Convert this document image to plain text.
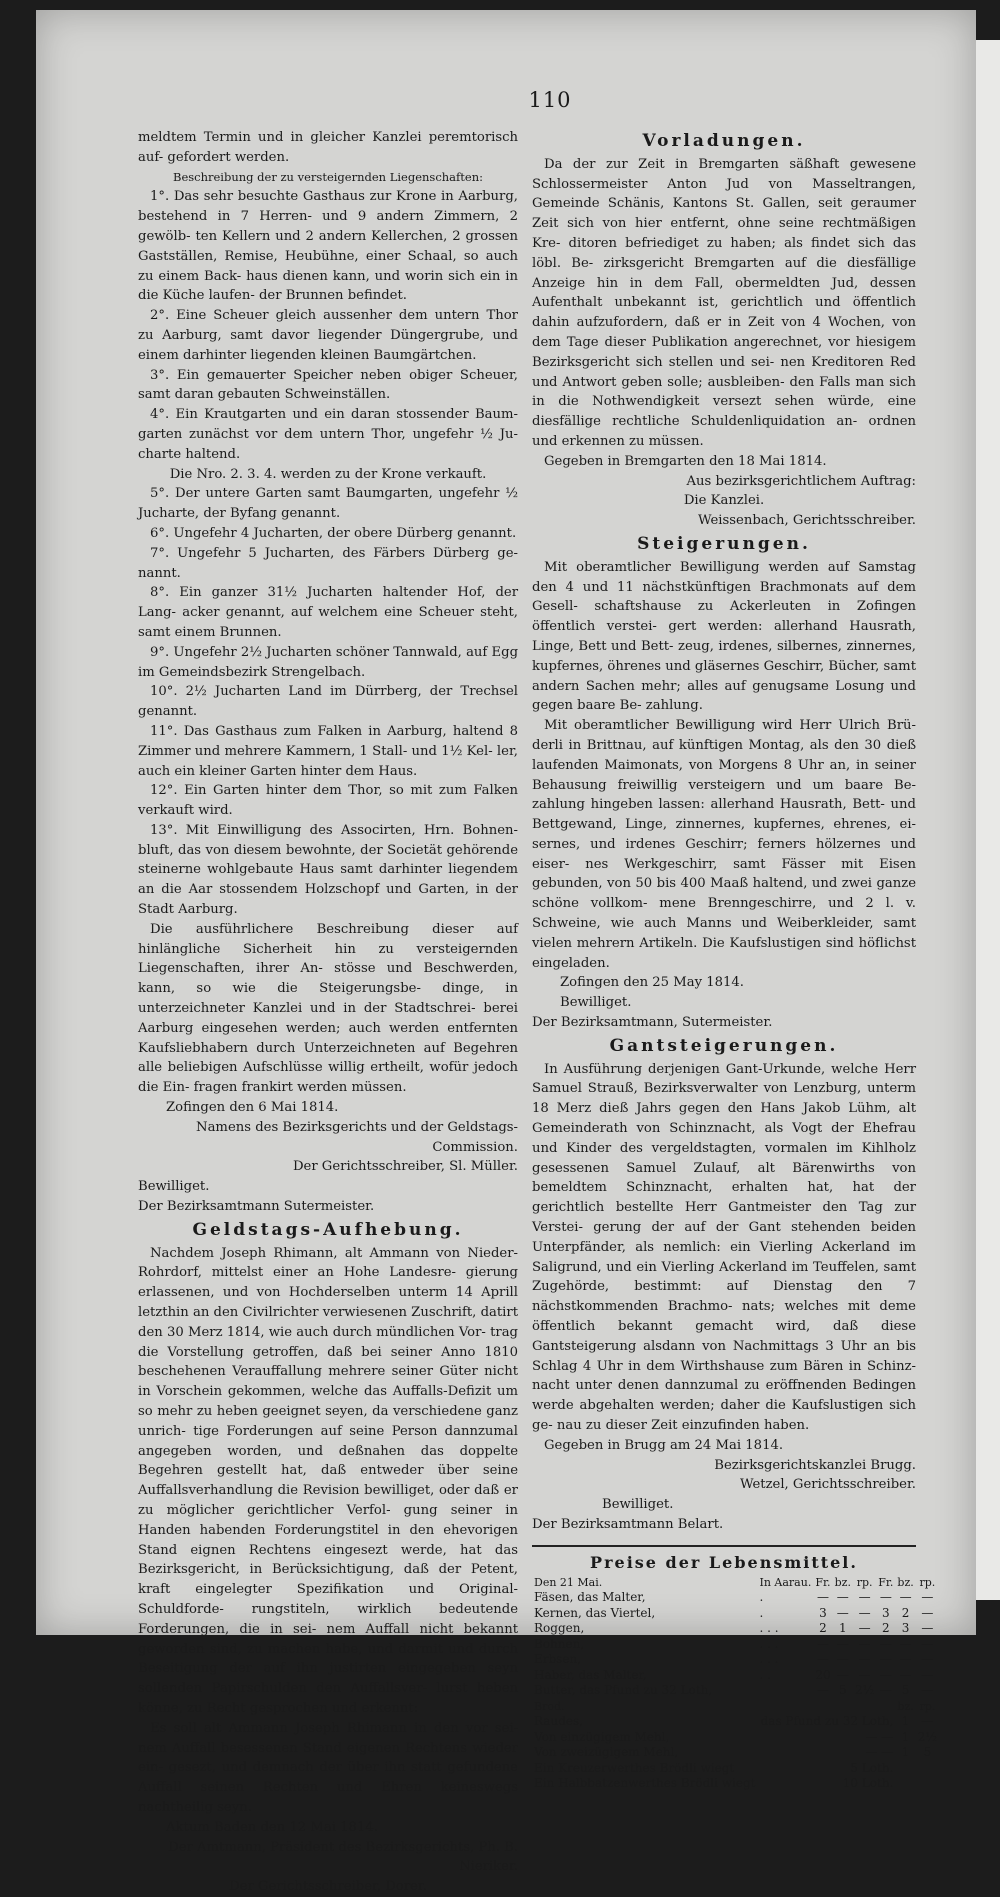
110

meldtem Termin und in gleicher Kanzlei peremtorisch auf- gefordert werden.

Beschreibung der zu versteigernden Liegenschaften:

1°. Das sehr besuchte Gasthaus zur Krone in Aarburg, bestehend in 7 Herren- und 9 andern Zimmern, 2 gewölb- ten Kellern und 2 andern Kellerchen, 2 grossen Gastställen, Remise, Heubühne, einer Schaal, so auch zu einem Back- haus dienen kann, und worin sich ein in die Küche laufen- der Brunnen befindet.

2°. Eine Scheuer gleich aussenher dem untern Thor zu Aarburg, samt davor liegender Düngergrube, und einem darhinter liegenden kleinen Baumgärtchen.

3°. Ein gemauerter Speicher neben obiger Scheuer, samt daran gebauten Schweinställen.

4°. Ein Krautgarten und ein daran stossender Baum- garten zunächst vor dem untern Thor, ungefehr ½ Ju- charte haltend.

Die Nro. 2. 3. 4. werden zu der Krone verkauft.

5°. Der untere Garten samt Baumgarten, ungefehr ½ Jucharte, der Byfang genannt.

6°. Ungefehr 4 Jucharten, der obere Dürberg genannt.

7°. Ungefehr 5 Jucharten, des Färbers Dürberg ge- nannt.

8°. Ein ganzer 31½ Jucharten haltender Hof, der Lang- acker genannt, auf welchem eine Scheuer steht, samt einem Brunnen.

9°. Ungefehr 2½ Jucharten schöner Tannwald, auf Egg im Gemeindsbezirk Strengelbach.

10°. 2½ Jucharten Land im Dürrberg, der Trechsel genannt.

11°. Das Gasthaus zum Falken in Aarburg, haltend 8 Zimmer und mehrere Kammern, 1 Stall- und 1½ Kel- ler, auch ein kleiner Garten hinter dem Haus.

12°. Ein Garten hinter dem Thor, so mit zum Falken verkauft wird.

13°. Mit Einwilligung des Associrten, Hrn. Bohnen- bluft, das von diesem bewohnte, der Societät gehörende steinerne wohlgebaute Haus samt darhinter liegendem an die Aar stossendem Holzschopf und Garten, in der Stadt Aarburg.

Die ausführlichere Beschreibung dieser auf hinlängliche Sicherheit hin zu versteigernden Liegenschaften, ihrer An- stösse und Beschwerden, kann, so wie die Steigerungsbe- dinge, in unterzeichneter Kanzlei und in der Stadtschrei- berei Aarburg eingesehen werden; auch werden entfernten Kaufsliebhabern durch Unterzeichneten auf Begehren alle beliebigen Aufschlüsse willig ertheilt, wofür jedoch die Ein- fragen frankirt werden müssen.

Zofingen den 6 Mai 1814.

Namens des Bezirksgerichts und der Geldstags- Commission.

Der Gerichtsschreiber, Sl. Müller.

Bewilliget.

Der Bezirksamtmann Sutermeister.

Geldstags-Aufhebung.

Nachdem Joseph Rhimann, alt Ammann von Nieder-Rohrdorf, mittelst einer an Hohe Landesre- gierung erlassenen, und von Hochderselben unterm 14 Aprill letzthin an den Civilrichter verwiesenen Zuschrift, datirt den 30 Merz 1814, wie auch durch mündlichen Vor- trag die Vorstellung getroffen, daß bei seiner Anno 1810 beschehenen Verauffallung mehrere seiner Güter nicht in Vorschein gekommen, welche das Auffalls-Defizit um so mehr zu heben geeignet seyen, da verschiedene ganz unrich- tige Forderungen auf seine Person dannzumal angegeben worden, und deßnahen das doppelte Begehren gestellt hat, daß entweder über seine Auffallsverhandlung die Revision bewilliget, oder daß er zu möglicher gerichtlicher Verfol- gung seiner in Handen habenden Forderungstitel in den ehevorigen Stand eignen Rechtens eingesezt werde, hat das Bezirksgericht, in Berücksichtigung, daß der Petent, kraft eingelegter Spezifikation und Original-Schuldforde- rungstiteln, wirklich bedeutende Forderungen, die in sei- nem Auffall nicht bekannt geworden sind, zu machen habe, und darmit und durch Beseitigung der auf ihn justirten eingegeben seyn sollenden Papirschulden den Auffallsver- lurst heben könne, zu Recht gesprochen und erkennt:

Es soll alt Ammann Joseph Rhimann in den vor sei- nem Auffall besessenen Stand eigenen Rechtens wieder ein- gesezt, und demnach der über ihn statt gefundene Auffall seinen Rechten und Ehren keineswegs nachtheilig seyn.

Aktum Baden den 12 Mai 1814.

Der Amtmann, Präsident des Bezirksgerichts, Ph. B. Nieriker.

Der Gerichtsschreiber, Dorer.

Vorladungen.

Da der zur Zeit in Bremgarten säßhaft gewesene Schlossermeister Anton Jud von Masseltrangen, Gemeinde Schänis, Kantons St. Gallen, seit geraumer Zeit sich von hier entfernt, ohne seine rechtmäßigen Kre- ditoren befriediget zu haben; als findet sich das löbl. Be- zirksgericht Bremgarten auf die diesfällige Anzeige hin in dem Fall, obermeldten Jud, dessen Aufenthalt unbekannt ist, gerichtlich und öffentlich dahin aufzufordern, daß er in Zeit von 4 Wochen, von dem Tage dieser Publikation angerechnet, vor hiesigem Bezirksgericht sich stellen und sei- nen Kreditoren Red und Antwort geben solle; ausbleiben- den Falls man sich in die Nothwendigkeit versezt sehen würde, eine diesfällige rechtliche Schuldenliquidation an- ordnen und erkennen zu müssen.

Gegeben in Bremgarten den 18 Mai 1814.

Aus bezirksgerichtlichem Auftrag:

Die Kanzlei.

Weissenbach, Gerichtsschreiber.

Steigerungen.

Mit oberamtlicher Bewilligung werden auf Samstag den 4 und 11 nächstkünftigen Brachmonats auf dem Gesell- schaftshause zu Ackerleuten in Zofingen öffentlich verstei- gert werden: allerhand Hausrath, Linge, Bett und Bett- zeug, irdenes, silbernes, zinnernes, kupfernes, öhrenes und gläsernes Geschirr, Bücher, samt andern Sachen mehr; alles auf genugsame Losung und gegen baare Be- zahlung.

Mit oberamtlicher Bewilligung wird Herr Ulrich Brü- derli in Brittnau, auf künftigen Montag, als den 30 dieß laufenden Maimonats, von Morgens 8 Uhr an, in seiner Behausung freiwillig versteigern und um baare Be- zahlung hingeben lassen: allerhand Hausrath, Bett- und Bettgewand, Linge, zinnernes, kupfernes, ehrenes, ei- sernes, und irdenes Geschirr; ferners hölzernes und eiser- nes Werkgeschirr, samt Fässer mit Eisen gebunden, von 50 bis 400 Maaß haltend, und zwei ganze schöne vollkom- mene Brenngeschirre, und 2 l. v. Schweine, wie auch Manns und Weiberkleider, samt vielen mehrern Artikeln. Die Kaufslustigen sind höflichst eingeladen.

Zofingen den 25 May 1814.

Bewilliget.

Der Bezirksamtmann, Sutermeister.

Gantsteigerungen.

In Ausführung derjenigen Gant-Urkunde, welche Herr Samuel Strauß, Bezirksverwalter von Lenzburg, unterm 18 Merz dieß Jahrs gegen den Hans Jakob Lühm, alt Gemeinderath von Schinznacht, als Vogt der Ehefrau und Kinder des vergeldstagten, vormalen im Kihlholz gesessenen Samuel Zulauf, alt Bärenwirths von bemeldtem Schinznacht, erhalten hat, hat der gerichtlich bestellte Herr Gantmeister den Tag zur Verstei- gerung der auf der Gant stehenden beiden Unterpfänder, als nemlich: ein Vierling Ackerland im Saligrund, und ein Vierling Ackerland im Teuffelen, samt Zugehörde, bestimmt: auf Dienstag den 7 nächstkommenden Brachmo- nats; welches mit deme öffentlich bekannt gemacht wird, daß diese Gantsteigerung alsdann von Nachmittags 3 Uhr an bis Schlag 4 Uhr in dem Wirthshause zum Bären in Schinz- nacht unter denen dannzumal zu eröffnenden Bedingen werde abgehalten werden; daher die Kaufslustigen sich ge- nau zu dieser Zeit einzufinden haben.

Gegeben in Brugg am 24 Mai 1814.

Bezirksgerichtskanzlei Brugg.

Wetzel, Gerichtsschreiber.

Bewilliget.

Der Bezirksamtmann Belart.

Preise der Lebensmittel.
Den 21 Mai.	In Aarau.	Fr.	bz.	rp.	Fr.	bz.	rp.
Fäsen, das Malter,	.	—	—	—	—	—	—
Kernen, das Viertel,	.	3	—	—	3	2	—
Roggen,	. . .	2	1	—	2	3	—
Bohnen,	. . .	—	—	—	—	—	—
Erbsen,	. . .	—	—	—	—	—	—
Haber, das Malter,	. .	20	—	—	—	—	—
Butter, das Pfund zu 32 Loth,		—	5	2½	—	5	—
Brod.						bz.	rp.
Raudes,	das Pfund zu 32 Loth,					1	—
Von einzügigem Mehl,	— —					1	2½
Von zweizügigem Mehl,	— —					1	5
Ein Kreuzerwerthes Brödli wiegt	5 Loth.						
Ein Halbbatzenwerthes Brödli wiegt	10 Loth.						
